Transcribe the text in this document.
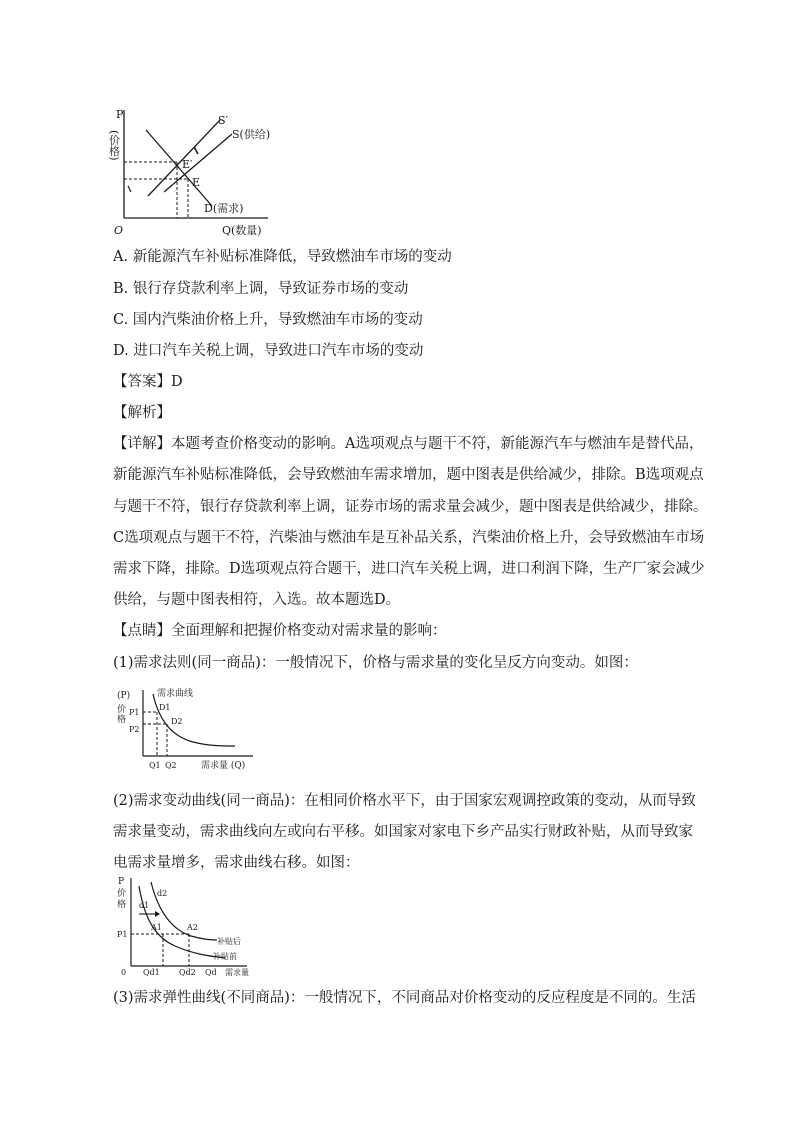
P
(价格)
O	Q(数量)
S′
S(供给)
E′
E
D(需求)
A. 新能源汽车补贴标准降低，导致燃油车市场的变动
B. 银行存贷款利率上调，导致证券市场的变动
C. 国内汽柴油价格上升，导致燃油车市场的变动
D. 进口汽车关税上调，导致进口汽车市场的变动
【答案】D
【解析】
【详解】本题考查价格变动的影响。A选项观点与题干不符，新能源汽车与燃油车是替代品，
新能源汽车补贴标准降低，会导致燃油车需求增加，题中图表是供给减少，排除。B选项观点
与题干不符，银行存贷款利率上调，证券市场的需求量会减少，题中图表是供给减少，排除。
C选项观点与题干不符，汽柴油与燃油车是互补品关系，汽柴油价格上升，会导致燃油车市场
需求下降，排除。D选项观点符合题干，进口汽车关税上调，进口利润下降，生产厂家会减少
供给，与题中图表相符，入选。故本题选D。
【点睛】全面理解和把握价格变动对需求量的影响：
(1)需求法则(同一商品)：一般情况下，价格与需求量的变化呈反方向变动。如图：
(P)
价
格
需求曲线
P1
P2
D1
D2
Q1 Q2	需求量 (Q)
(2)需求变动曲线(同一商品)：在相同价格水平下，由于国家宏观调控政策的变动，从而导致
需求量变动，需求曲线向左或向右平移。如国家对家电下乡产品实行财政补贴，从而导致家
电需求量增多，需求曲线右移。如图：
P
价
格
d2
d1
P1
A1	A2
补贴后
补贴前
0 Qd1 Qd2 Qd 需求量
(3)需求弹性曲线(不同商品)：一般情况下，不同商品对价格变动的反应程度是不同的。生活
